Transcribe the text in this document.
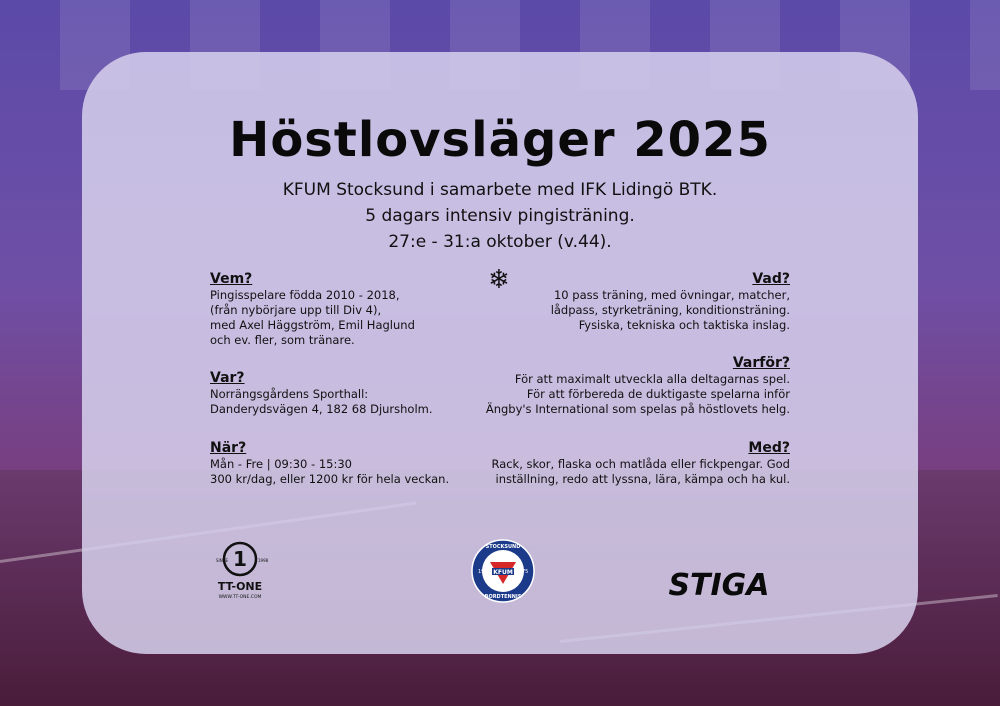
Höstlovsläger 2025
KFUM Stocksund i samarbete med IFK Lidingö BTK.
5 dagars intensiv pingisträning.
27:e - 31:a oktober (v.44).
❄
Vem?
Pingisspelare födda 2010 - 2018,
(från nybörjare upp till Div 4),
med Axel Häggström, Emil Haglund
och ev. fler, som tränare.
Var?
Norrängsgårdens Sporthall:
Danderydsvägen 4, 182 68 Djursholm.
När?
Mån - Fre | 09:30 - 15:30
300 kr/dag, eller 1200 kr för hela veckan.
Vad?
10 pass träning, med övningar, matcher,
lådpass, styrketräning, konditionsträning.
Fysiska, tekniska och taktiska inslag.
Varför?
För att maximalt utveckla alla deltagarnas spel.
För att förbereda de duktigaste spelarna inför
Ängby's International som spelas på höstlovets helg.
Med?
Rack, skor, flaska och matlåda eller fickpengar. God
inställning, redo att lyssna, lära, kämpa och ha kul.
1
SINCE	1998
TT-ONE
WWW.TT-ONE.COM
KFUM
STOCKSUND
BORDTENNIS
19	75	STIGA
